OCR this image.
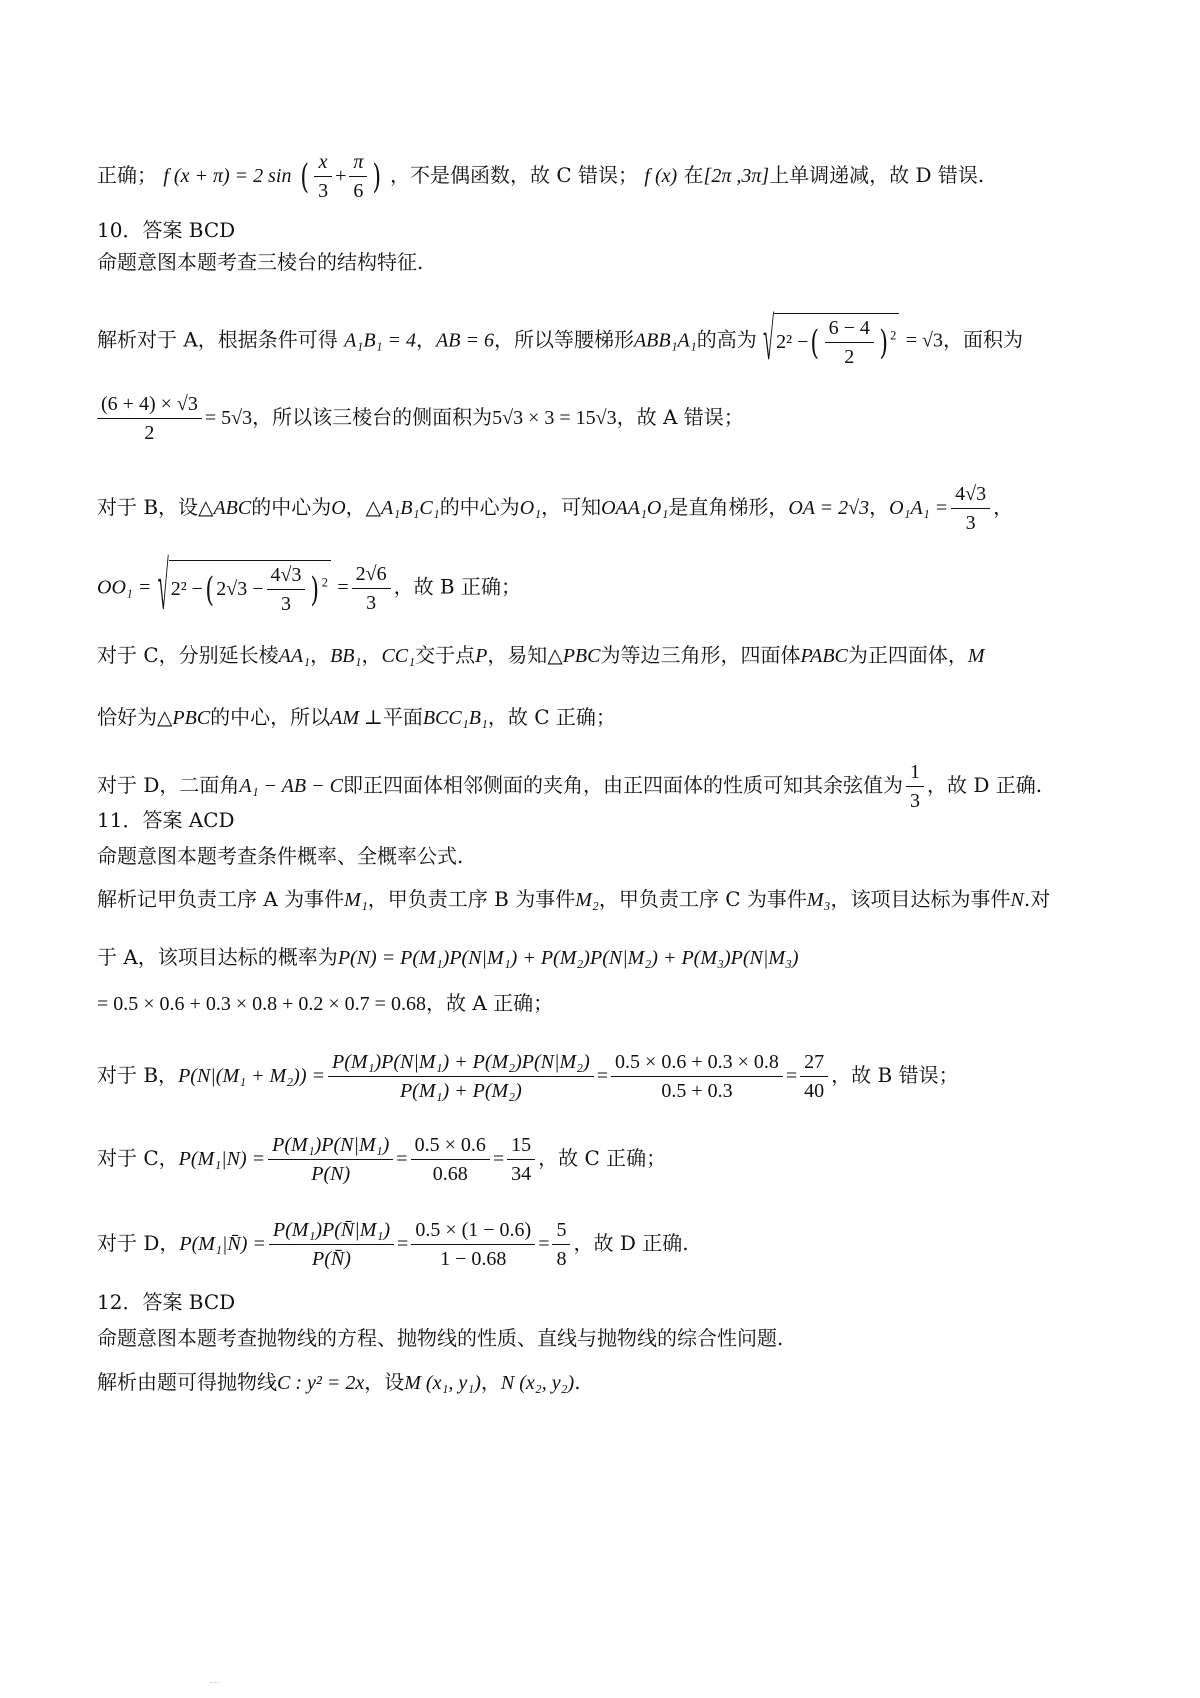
正确； f (x + π) = 2 sin ( $\frac{x}{3} + \frac{\pi}{6}$ ) ，不是偶函数，故 C 错误； f (x) 在[2π ,3π]上单调递减，故 D 错误.
10．答案 BCD
命题意图本题考查三棱台的结构特征.
解析对于 A，根据条件可得 A₁B₁ = 4，AB = 6，所以等腰梯形ABB₁A₁的高为 √ 2² −( $\frac{6 - 4}{2}$ ) $^2$ = √3，面积为
$\frac{(6 + 4) \times √3}{2} = 5√3$，所以该三棱台的侧面积为5√3 × 3 = 15√3，故 A 错误；
对于 B，设△ABC的中心为O，△A₁B₁C₁的中心为O₁，可知OAA₁O₁是直角梯形，OA = 2√3，$O_1A_1 = \frac{4√3}{3}$ ，
OO₁ = √ 2² −( $2√3 - \frac{4√3}{3}$ ) $^2 = \frac{2√6}{3}$ ，故 B 正确；
对于 C，分别延长棱AA₁，BB₁，CC₁交于点P，易知△PBC为等边三角形，四面体PABC为正四面体，M
恰好为△PBC的中心，所以AM ⊥平面BCC₁B₁，故 C 正确；
对于 D，二面角A₁ − AB − C即正四面体相邻侧面的夹角，由正四面体的性质可知其余弦值为 $\frac{1}{3}$ ，故 D 正确.
11．答案 ACD
命题意图本题考查条件概率、全概率公式.
解析记甲负责工序 A 为事件M₁，甲负责工序 B 为事件M₂，甲负责工序 C 为事件M₃，该项目达标为事件N.对
于 A，该项目达标的概率为P(N) = P(M₁)P(N|M₁) + P(M₂)P(N|M₂) + P(M₃)P(N|M₃)
= 0.5 × 0.6 + 0.3 × 0.8 + 0.2 × 0.7 = 0.68，故 A 正确；
对于 B，$P(N|(M_1 + M_2)) = \frac{\text{P(M₁)P(N|M₁) + P(M₂)P(N|M₂)}}{\text{P(M₁) + P(M₂)}} = \frac{0.5 \times 0.6 + 0.3 \times 0.8}{0.5 + 0.3} = \frac{27}{40}$ ，故 B 错误；
对于 C，$P(M_1|N) = \frac{\text{P(M₁)P(N|M₁)}}{P(N)} = \frac{0.5 \times 0.6}{0.68} = \frac{15}{34}$ ，故 C 正确；
对于 D，P(M₁|N̄) = $\frac{\text{P(M₁)P(N̄|M₁)}}{P(N̄)} = \frac{0.5 \times (1 - 0.6)}{1 - 0.68} = \frac{5}{8}$ ，故 D 正确.
12．答案 BCD
命题意图本题考查抛物线的方程、抛物线的性质、直线与抛物线的综合性问题.
解析由题可得抛物线C : y² = 2x，设M (x₁, y₁)，N (x₂, y₂).
